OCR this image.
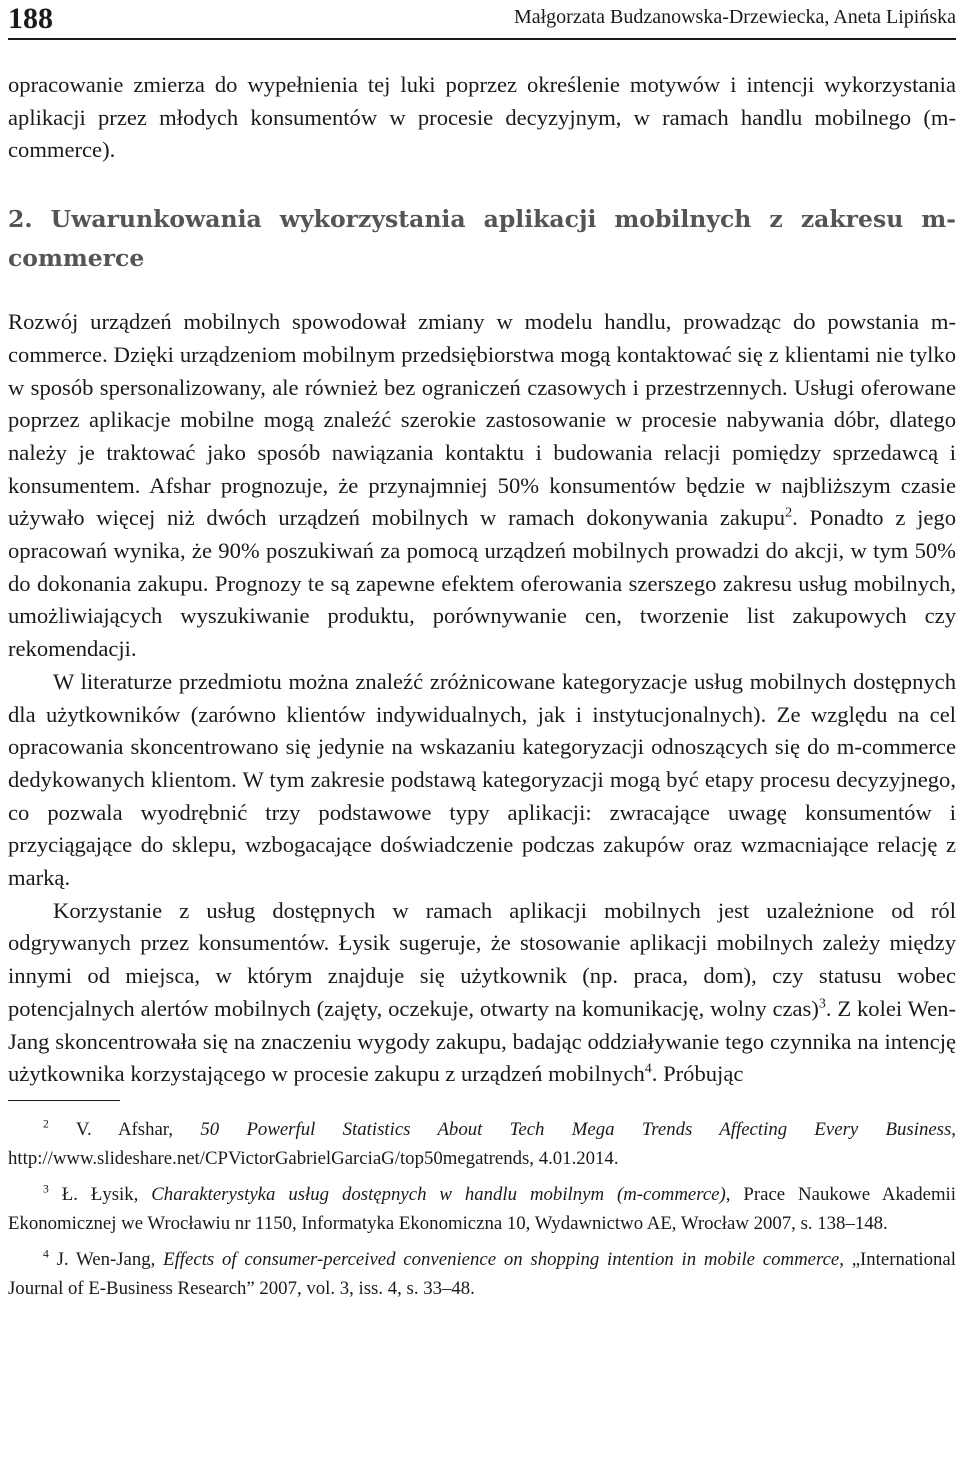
188	Małgorzata Budzanowska-Drzewiecka, Aneta Lipińska

opracowanie zmierza do wypełnienia tej luki poprzez określenie motywów i intencji wykorzystania aplikacji przez młodych konsumentów w procesie decyzyjnym, w ramach handlu mobilnego (m-commerce).

2. Uwarunkowania wykorzystania aplikacji mobilnych z zakresu m-commerce

Rozwój urządzeń mobilnych spowodował zmiany w modelu handlu, prowadząc do powstania m-commerce. Dzięki urządzeniom mobilnym przedsiębiorstwa mogą kontaktować się z klientami nie tylko w sposób spersonalizowany, ale również bez ograniczeń czasowych i przestrzennych. Usługi oferowane poprzez aplikacje mobilne mogą znaleźć szerokie zastosowanie w procesie nabywania dóbr, dlatego należy je traktować jako sposób nawiązania kontaktu i budowania relacji pomiędzy sprzedawcą i konsumentem. Afshar prognozuje, że przynajmniej 50% konsumentów będzie w najbliższym czasie używało więcej niż dwóch urządzeń mobilnych w ramach dokonywania zakupu$^2$. Ponadto z jego opracowań wynika, że 90% poszukiwań za pomocą urządzeń mobilnych prowadzi do akcji, w tym 50% do dokonania zakupu. Prognozy te są zapewne efektem oferowania szerszego zakresu usług mobilnych, umożliwiających wyszukiwanie produktu, porównywanie cen, tworzenie list zakupowych czy rekomendacji.

W literaturze przedmiotu można znaleźć zróżnicowane kategoryzacje usług mobilnych dostępnych dla użytkowników (zarówno klientów indywidualnych, jak i instytucjonalnych). Ze względu na cel opracowania skoncentrowano się jedynie na wskazaniu kategoryzacji odnoszących się do m-commerce dedykowanych klientom. W tym zakresie podstawą kategoryzacji mogą być etapy procesu decyzyjnego, co pozwala wyodrębnić trzy podstawowe typy aplikacji: zwracające uwagę konsumentów i przyciągające do sklepu, wzbogacające doświadczenie podczas zakupów oraz wzmacniające relację z marką.

Korzystanie z usług dostępnych w ramach aplikacji mobilnych jest uzależnione od ról odgrywanych przez konsumentów. Łysik sugeruje, że stosowanie aplikacji mobilnych zależy między innymi od miejsca, w którym znajduje się użytkownik (np. praca, dom), czy statusu wobec potencjalnych alertów mobilnych (zajęty, oczekuje, otwarty na komunikację, wolny czas)$^3$. Z kolei Wen-Jang skoncentrowała się na znaczeniu wygody zakupu, badając oddziaływanie tego czynnika na intencję użytkownika korzystającego w procesie zakupu z urządzeń mobilnych$^4$. Próbując

$^2$ V. Afshar, 50 Powerful Statistics About Tech Mega Trends Affecting Every Business, http://www.slideshare.net/CPVictorGabrielGarciaG/top50megatrends, 4.01.2014.

$^3$ Ł. Łysik, Charakterystyka usług dostępnych w handlu mobilnym (m-commerce), Prace Naukowe Akademii Ekonomicznej we Wrocławiu nr 1150, Informatyka Ekonomiczna 10, Wydawnictwo AE, Wrocław 2007, s. 138–148.

$^4$ J. Wen-Jang, Effects of consumer-perceived convenience on shopping intention in mobile commerce, „International Journal of E-Business Research” 2007, vol. 3, iss. 4, s. 33–48.
